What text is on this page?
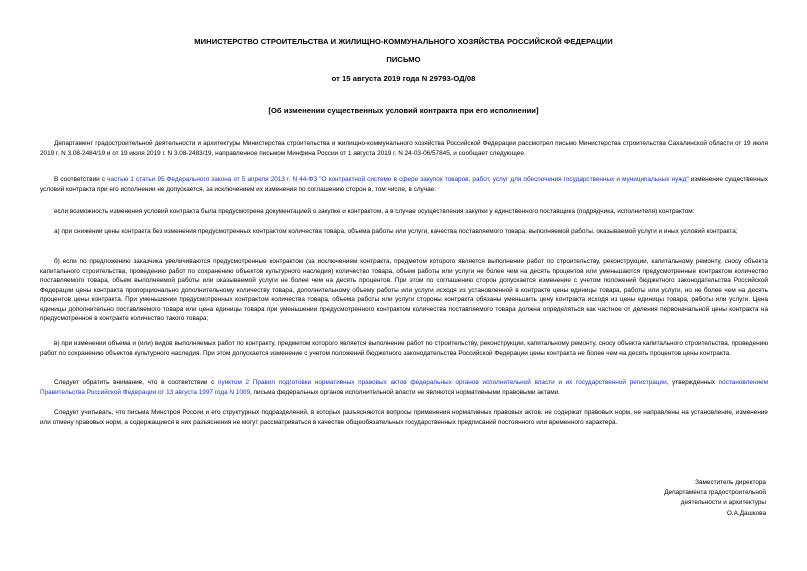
МИНИСТЕРСТВО СТРОИТЕЛЬСТВА И ЖИЛИЩНО-КОММУНАЛЬНОГО ХОЗЯЙСТВА РОССИЙСКОЙ ФЕДЕРАЦИИ
ПИСЬМО
от 15 августа 2019 года N 29793-ОД/08
[Об изменении существенных условий контракта при его исполнении]
Департамент градостроительной деятельности и архитектуры Министерства строительства и жилищно-коммунального хозяйства Российской Федерации рассмотрел письмо Министерства строительства Сахалинской области от 19 июля 2019 г. N 3.08-2484/19 и от 19 июля 2019 г. N 3.08-2483/19, направленное письмом Минфина России от 1 августа 2019 г. N 24-03-06/57845, и сообщает следующее.
В соответствии с частью 1 статьи 95 Федерального закона от 5 апреля 2013 г. N 44-ФЗ "О контрактной системе в сфере закупок товаров, работ, услуг для обеспечения государственных и муниципальных нужд" изменение существенных условий контракта при его исполнении не допускается, за исключением их изменения по соглашению сторон в, том числе, в случае:
если возможность изменения условий контракта была предусмотрена документацией о закупке и контрактом, а в случае осуществления закупки у единственного поставщика (подрядчика, исполнителя) контрактом:
а) при снижении цены контракта без изменения предусмотренных контрактом количества товара, объема работы или услуги, качества поставляемого товара, выполняемой работы, оказываемой услуги и иных условий контракта;
б) если по предложению заказчика увеличиваются предусмотренные контрактом (за исключением контракта, предметом которого является выполнение работ по строительству, реконструкции, капитальному ремонту, сносу объекта капитального строительства, проведению работ по сохранению объектов культурного наследия) количество товара, объем работы или услуги не более чем на десять процентов или уменьшаются предусмотренные контрактом количество поставляемого товара, объем выполняемой работы или оказываемой услуги не более чем на десять процентов. При этом по соглашению сторон допускается изменение с учетом положений бюджетного законодательства Российской Федерации цены контракта пропорционально дополнительному количеству товара, дополнительному объему работы или услуги исходя из установленной в контракте цены единицы товара, работы или услуги, но не более чем на десять процентов цены контракта. При уменьшении предусмотренных контрактом количества товара, объема работы или услуги стороны контракта обязаны уменьшить цену контракта исходя из цены единицы товара, работы или услуги. Цена единицы дополнительно поставляемого товара или цена единицы товара при уменьшении предусмотренного контрактом количества поставляемого товара должна определяться как частное от деления первоначальной цены контракта на предусмотренное в контракте количество такого товара;
в) при изменении объема и (или) видов выполняемых работ по контракту, предметом которого является выполнение работ по строительству, реконструкции, капитальному ремонту, сносу объекта капитального строительства, проведению работ по сохранению объектов культурного наследия. При этом допускается изменение с учетом положений бюджетного законодательства Российской Федерации цены контракта не более чем на десять процентов цены контракта.
Следует обратить внимание, что в соответствии с пунктом 2 Правил подготовки нормативных правовых актов федеральных органов исполнительной власти и их государственной регистрации, утвержденных постановлением Правительства Российской Федерации от 13 августа 1997 года N 1009, письма федеральных органов исполнительной власти не являются нормативными правовыми актами.
Следует учитывать, что письма Минстроя России и его структурных подразделений, в которых разъясняются вопросы применения нормативных правовых актов, не содержат правовых норм, не направлены на установление, изменение или отмену правовых норм, а содержащиеся в них разъяснения не могут рассматриваться в качестве общеобязательных государственных предписаний постоянного или временного характера.
Заместитель директора
Департамента градостроительной
деятельности и архитектуры
О.А.Дашкова
